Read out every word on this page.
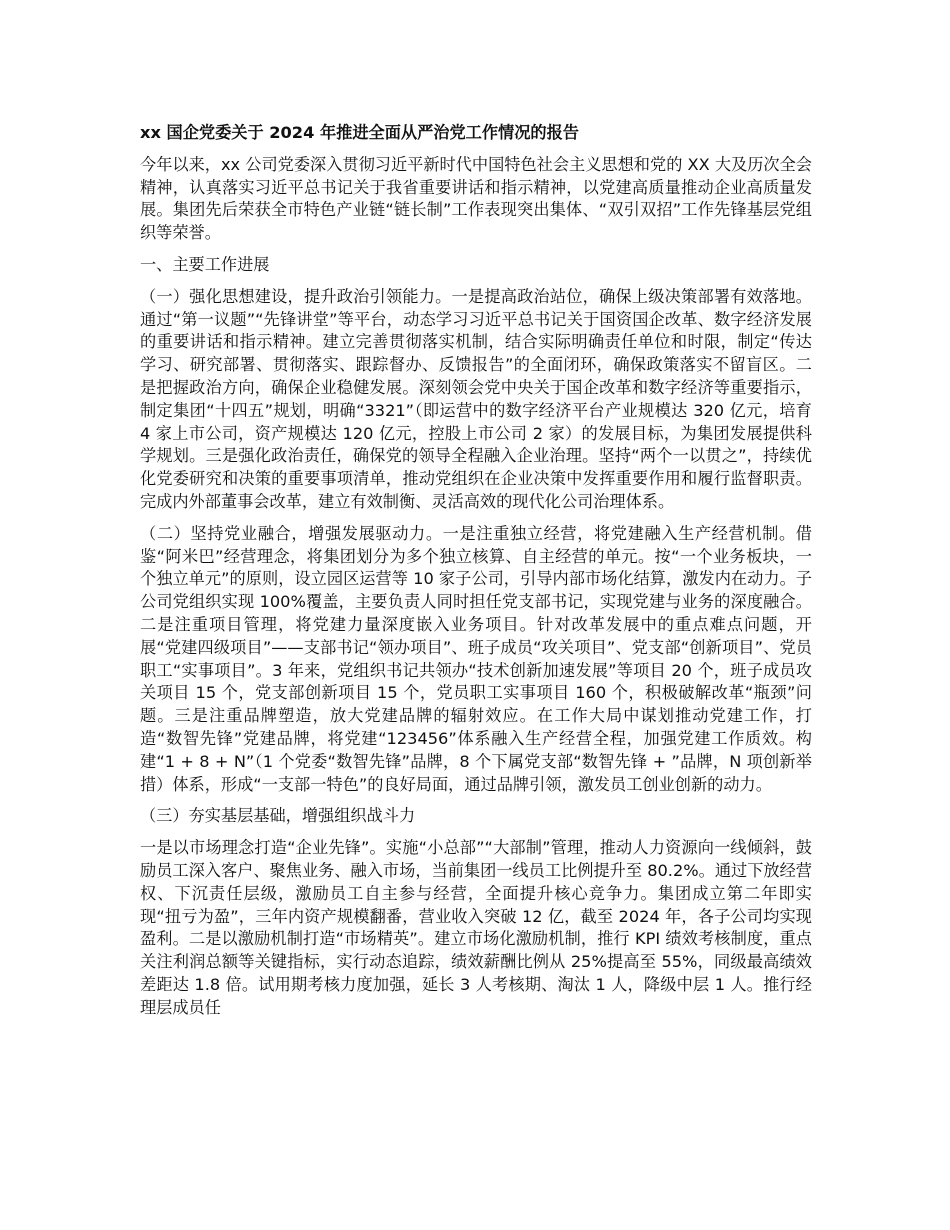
xx 国企党委关于 2024 年推进全面从严治党工作情况的报告

今年以来，xx 公司党委深入贯彻习近平新时代中国特色社会主义思想和党的 XX 大及历次全会精神，认真落实习近平总书记关于我省重要讲话和指示精神，以党建高质量推动企业高质量发展。集团先后荣获全市特色产业链“链长制”工作表现突出集体、“双引双招”工作先锋基层党组织等荣誉。

一、主要工作进展

（一）强化思想建设，提升政治引领能力。一是提高政治站位，确保上级决策部署有效落地。通过“第一议题”“先锋讲堂”等平台，动态学习习近平总书记关于国资国企改革、数字经济发展的重要讲话和指示精神。建立完善贯彻落实机制，结合实际明确责任单位和时限，制定“传达学习、研究部署、贯彻落实、跟踪督办、反馈报告”的全面闭环，确保政策落实不留盲区。二是把握政治方向，确保企业稳健发展。深刻领会党中央关于国企改革和数字经济等重要指示，制定集团“十四五”规划，明确“3321”（即运营中的数字经济平台产业规模达 320 亿元，培育 4 家上市公司，资产规模达 120 亿元，控股上市公司 2 家）的发展目标，为集团发展提供科学规划。三是强化政治责任，确保党的领导全程融入企业治理。坚持“两个一以贯之”，持续优化党委研究和决策的重要事项清单，推动党组织在企业决策中发挥重要作用和履行监督职责。完成内外部董事会改革，建立有效制衡、灵活高效的现代化公司治理体系。

（二）坚持党业融合，增强发展驱动力。一是注重独立经营，将党建融入生产经营机制。借鉴“阿米巴”经营理念，将集团划分为多个独立核算、自主经营的单元。按“一个业务板块，一个独立单元”的原则，设立园区运营等 10 家子公司，引导内部市场化结算，激发内在动力。子公司党组织实现 100%覆盖，主要负责人同时担任党支部书记，实现党建与业务的深度融合。二是注重项目管理，将党建力量深度嵌入业务项目。针对改革发展中的重点难点问题，开展“党建四级项目”——支部书记“领办项目”、班子成员“攻关项目”、党支部“创新项目”、党员职工“实事项目”。3 年来，党组织书记共领办“技术创新加速发展”等项目 20 个，班子成员攻关项目 15 个，党支部创新项目 15 个，党员职工实事项目 160 个，积极破解改革“瓶颈”问题。三是注重品牌塑造，放大党建品牌的辐射效应。在工作大局中谋划推动党建工作，打造“数智先锋”党建品牌，将党建“123456”体系融入生产经营全程，加强党建工作质效。构建“1 + 8 + N”（1 个党委“数智先锋”品牌，8 个下属党支部“数智先锋 + ”品牌，N 项创新举措）体系，形成“一支部一特色”的良好局面，通过品牌引领，激发员工创业创新的动力。

（三）夯实基层基础，增强组织战斗力

一是以市场理念打造“企业先锋”。实施“小总部”“大部制”管理，推动人力资源向一线倾斜，鼓励员工深入客户、聚焦业务、融入市场，当前集团一线员工比例提升至 80.2%。通过下放经营权、下沉责任层级，激励员工自主参与经营，全面提升核心竞争力。集团成立第二年即实现“扭亏为盈”，三年内资产规模翻番，营业收入突破 12 亿，截至 2024 年，各子公司均实现盈利。二是以激励机制打造“市场精英”。建立市场化激励机制，推行 KPI 绩效考核制度，重点关注利润总额等关键指标，实行动态追踪，绩效薪酬比例从 25%提高至 55%，同级最高绩效差距达 1.8 倍。试用期考核力度加强，延长 3 人考核期、淘汰 1 人，降级中层 1 人。推行经理层成员任
